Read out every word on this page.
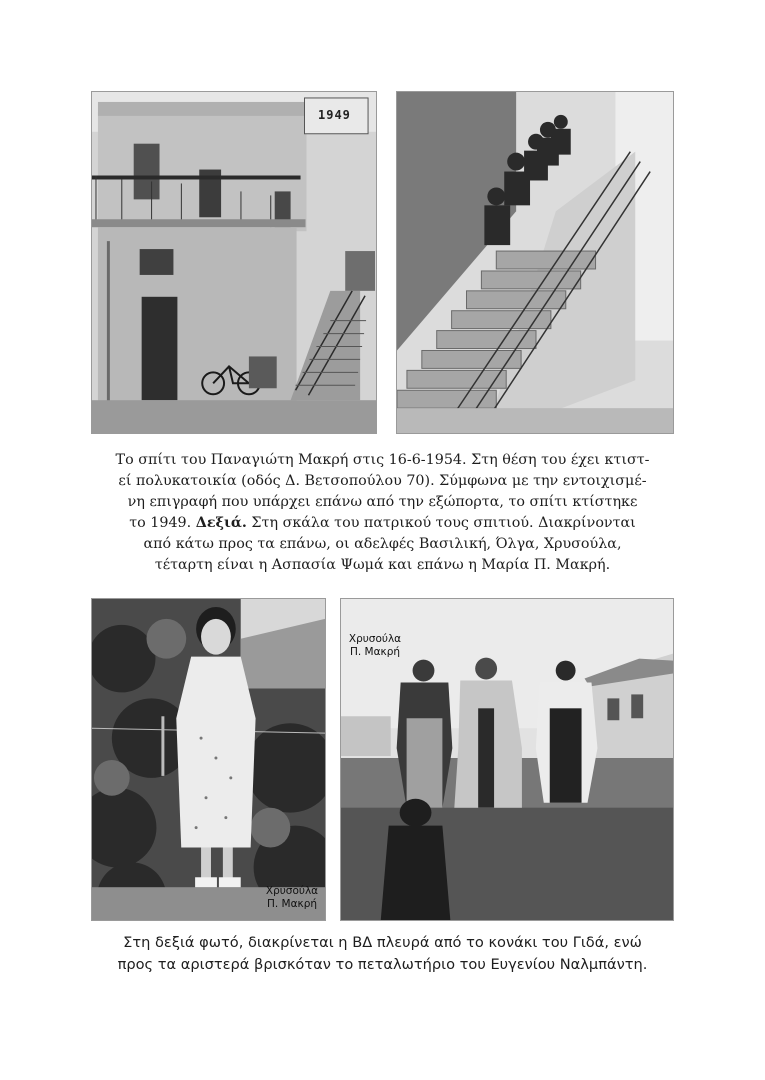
1949

Το σπίτι του Παναγιώτη Μακρή στις 16-6-1954. Στη θέση του έχει κτιστ-

εί πολυκατοικία (οδός Δ. Βετσοπούλου 70). Σύμφωνα με την εντοιχισμέ-

νη επιγραφή που υπάρχει επάνω από την εξώπορτα, το σπίτι κτίστηκε

το 1949. Δεξιά. Στη σκάλα του πατρικού τους σπιτιού. Διακρίνονται

από κάτω προς τα επάνω, οι αδελφές Βασιλική, Όλγα, Χρυσούλα,

τέταρτη είναι η Ασπασία Ψωμά και επάνω η Μαρία Π. Μακρή.

Χρυσούλα
Π. Μακρή
Χρυσούλα
Π. Μακρή

Στη δεξιά φωτό, διακρίνεται η ΒΔ πλευρά από το κονάκι του Γιδά, ενώ

προς τα αριστερά βρισκόταν το πεταλωτήριο του Ευγενίου Ναλμπάντη.
